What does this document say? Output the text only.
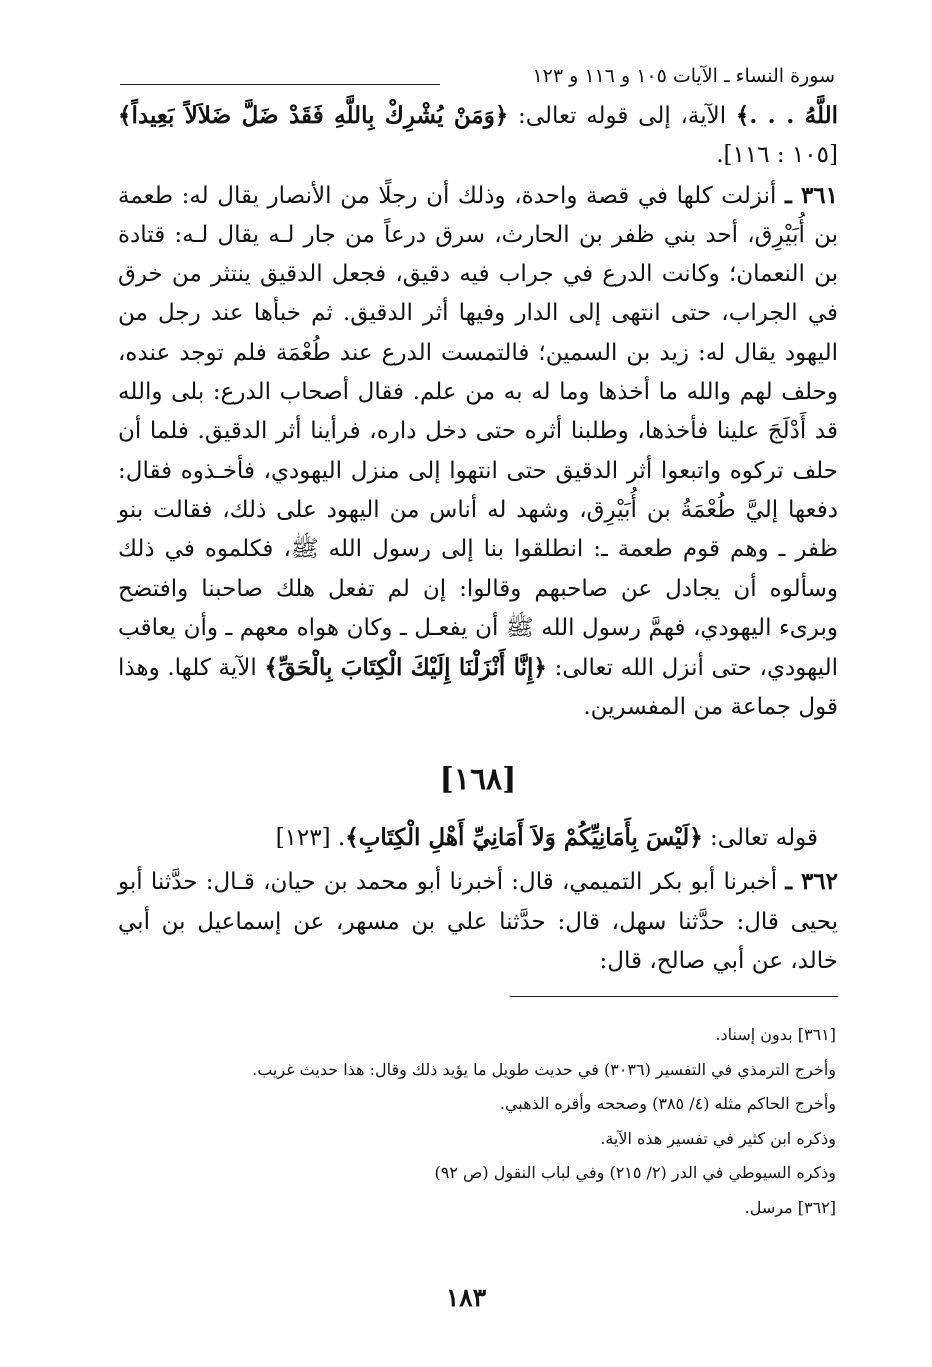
سورة النساء ـ الآيات ١٠٥ و ١١٦ و ١٢٣

اللَّهُ . . .﴾ الآية، إلى قوله تعالى: ﴿وَمَنْ يُشْرِكْ بِاللَّهِ فَقَدْ ضَلَّ ضَلاَلاً بَعِيداً﴾ [١٠٥ : ١١٦].

٣٦١ ـ أنزلت كلها في قصة واحدة، وذلك أن رجلًا من الأنصار يقال له: طعمة بن أُبَيْرِق، أحد بني ظفر بن الحارث، سرق درعاً من جار لـه يقال لـه: قتادة بن النعمان؛ وكانت الدرع في جراب فيه دقيق، فجعل الدقيق ينتثر من خرق في الجراب، حتى انتهى إلى الدار وفيها أثر الدقيق. ثم خبأها عند رجل من اليهود يقال له: زيد بن السمين؛ فالتمست الدرع عند طُعْمَة فلم توجد عنده، وحلف لهم والله ما أخذها وما له به من علم. فقال أصحاب الدرع: بلى والله قد أَدْلَجَ علينا فأخذها، وطلبنا أثره حتى دخل داره، فرأينا أثر الدقيق. فلما أن حلف تركوه واتبعوا أثر الدقيق حتى انتهوا إلى منزل اليهودي، فأخـذوه فقال: دفعها إليَّ طُعْمَةُ بن أُبَيْرِق، وشهد له أناس من اليهود على ذلك، فقالت بنو ظفر ـ وهم قوم طعمة ـ: انطلقوا بنا إلى رسول الله ﷺ، فكلموه في ذلك وسألوه أن يجادل عن صاحبهم وقالوا: إن لم تفعل هلك صاحبنا وافتضح وبرىء اليهودي، فهمَّ رسول الله ﷺ أن يفعـل ـ وكان هواه معهم ـ وأن يعاقب اليهودي، حتى أنزل الله تعالى: ﴿إِنَّا أَنْزَلْنَا إِلَيْكَ الْكِتَابَ بِالْحَقِّ﴾ الآية كلها. وهذا قول جماعة من المفسرين.

[١٦٨]

قوله تعالى: ﴿لَيْسَ بِأَمَانِيِّكُمْ وَلاَ أَمَانِيِّ أَهْلِ الْكِتَابِ﴾. [١٢٣]

٣٦٢ ـ أخبرنا أبو بكر التميمي، قال: أخبرنا أبو محمد بن حيان، قـال: حدَّثنا أبو يحيى قال: حدَّثنا سهل، قال: حدَّثنا علي بن مسهر، عن إسماعيل بن أبي خالد، عن أبي صالح، قال:

[٣٦١] بدون إسناد.
وأخرج الترمذي في التفسير (٣٠٣٦) في حديث طويل ما يؤيد ذلك وقال: هذا حديث غريب.
وأخرج الحاكم مثله (٤/ ٣٨٥) وصححه وأقره الذهبي.
وذكره ابن كثير في تفسير هذه الآية.
وذكره السيوطي في الدر (٢/ ٢١٥) وفي لباب النقول (ص ٩٢)
[٣٦٢] مرسل.
١٨٣
